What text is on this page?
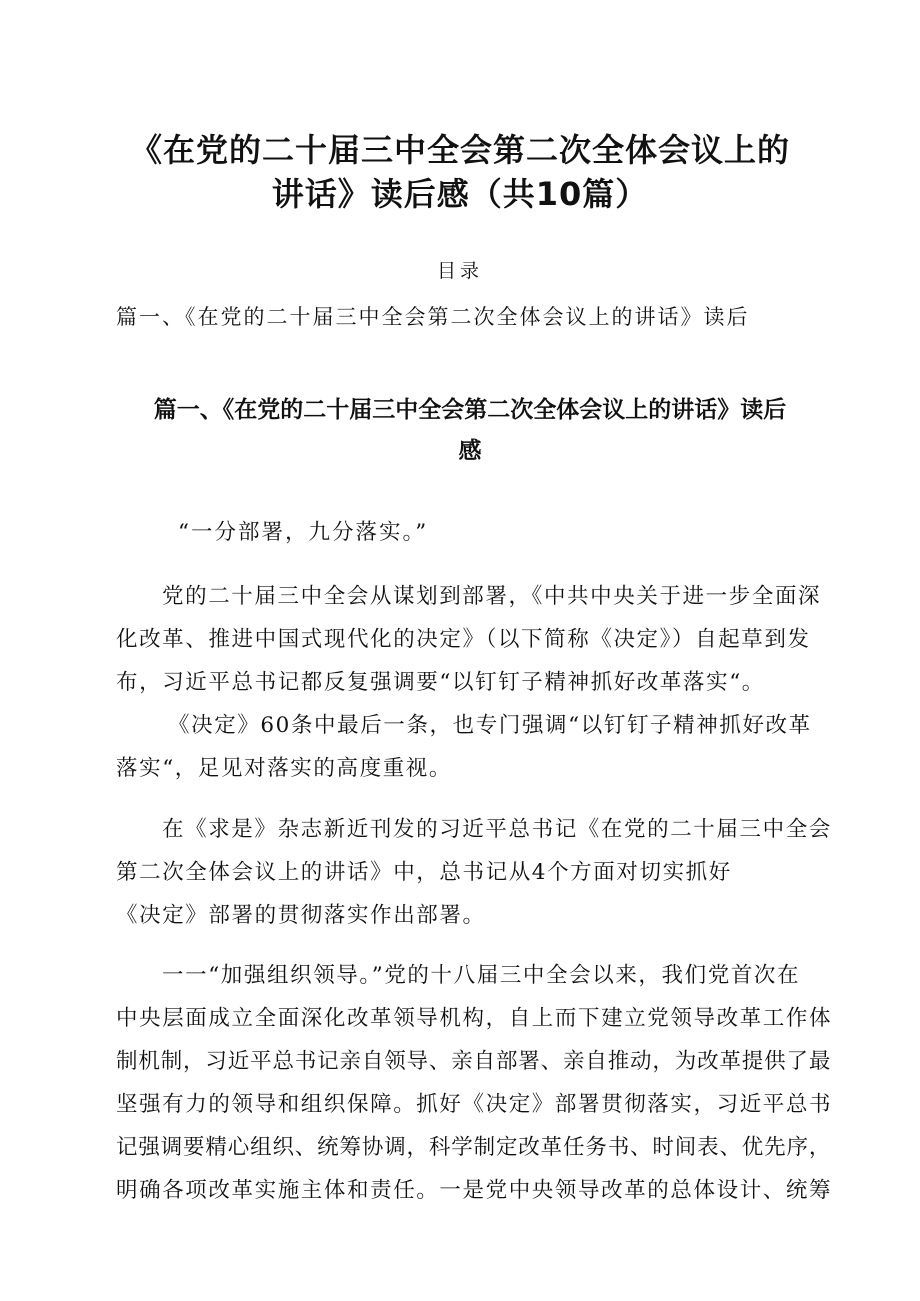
《在党的二十届三中全会第二次全体会议上的
讲话》读后感（共10篇）
目录
篇一、《在党的二十届三中全会第二次全体会议上的讲话》读后
篇一、《在党的二十届三中全会第二次全体会议上的讲话》读后
感
“一分部署，九分落实。”
党的二十届三中全会从谋划到部署，《中共中央关于进一步全面深
化改革、推进中国式现代化的决定》（以下简称《决定》）自起草到发
布，习近平总书记都反复强调要“以钉钉子精神抓好改革落实“。
《决定》60条中最后一条，也专门强调“以钉钉子精神抓好改革
落实“，足见对落实的高度重视。
在《求是》杂志新近刊发的习近平总书记《在党的二十届三中全会
第二次全体会议上的讲话》中，总书记从4个方面对切实抓好
《决定》部署的贯彻落实作出部署。
一一“加强组织领导。”党的十八届三中全会以来，我们党首次在
中央层面成立全面深化改革领导机构，自上而下建立党领导改革工作体
制机制，习近平总书记亲自领导、亲自部署、亲自推动，为改革提供了最
坚强有力的领导和组织保障。抓好《决定》部署贯彻落实，习近平总书
记强调要精心组织、统筹协调，科学制定改革任务书、时间表、优先序，
明确各项改革实施主体和责任。一是党中央领导改革的总体设计、统筹
